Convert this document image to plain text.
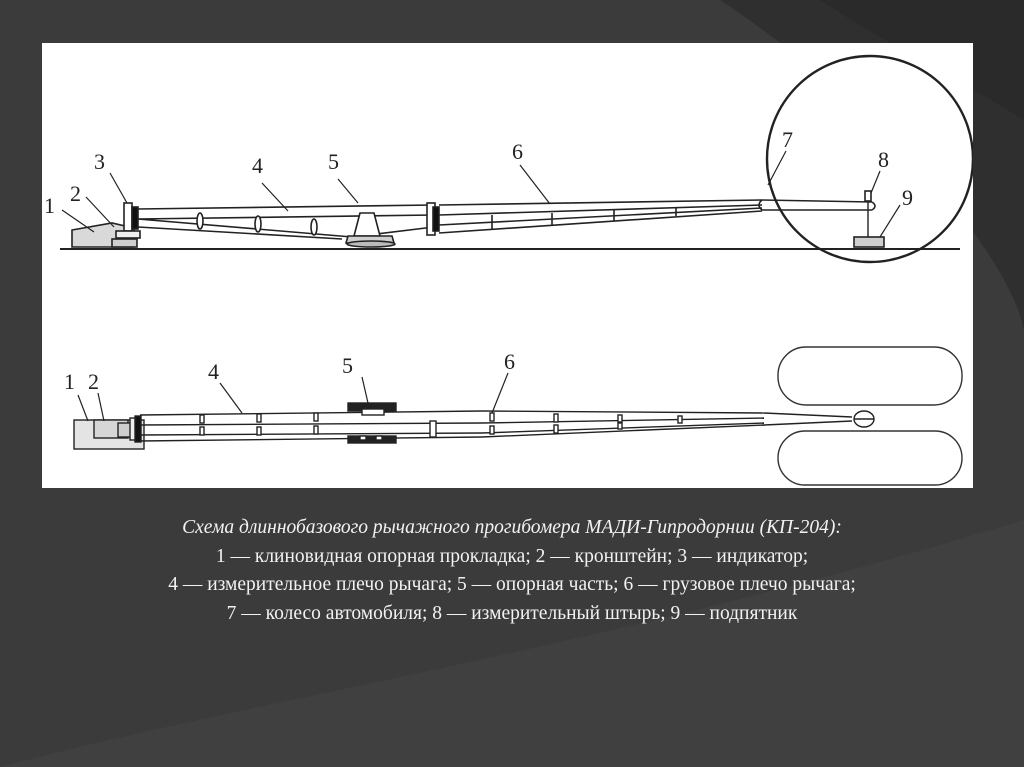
1 2
3	4	5	6	7
8
9
1 2	4	5	6
Схема длиннобазового рычажного прогибомера МАДИ-Гипродорнии (КП-204):
1 — клиновидная опорная прокладка; 2 — кронштейн; 3 — индикатор;
4 — измерительное плечо рычага; 5 — опорная часть; 6 — грузовое плечо рычага;
7 — колесо автомобиля; 8 — измерительный штырь; 9 — подпятник
